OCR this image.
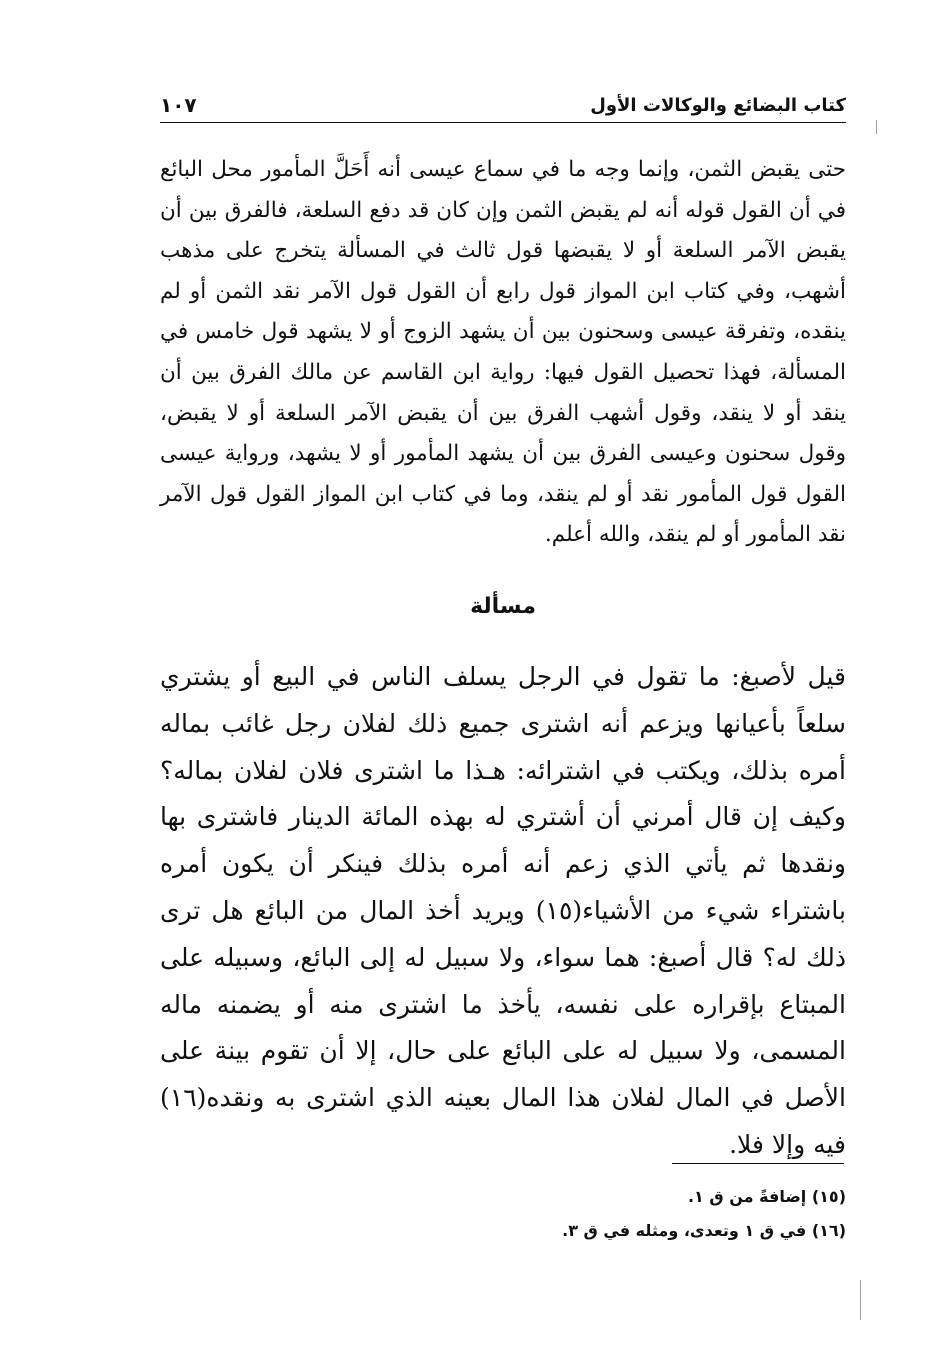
كتاب البضائع والوكالات الأول
١٠٧

حتى يقبض الثمن، وإنما وجه ما في سماع عيسى أنه أَحَلَّ المأمور محل البائع في أن القول قوله أنه لم يقبض الثمن وإن كان قد دفع السلعة، فالفرق بين أن يقبض الآمر السلعة أو لا يقبضها قول ثالث في المسألة يتخرج على مذهب أشهب، وفي كتاب ابن المواز قول رابع أن القول قول الآمر نقد الثمن أو لم ينقده، وتفرقة عيسى وسحنون بين أن يشهد الزوج أو لا يشهد قول خامس في المسألة، فهذا تحصيل القول فيها: رواية ابن القاسم عن مالك الفرق بين أن ينقد أو لا ينقد، وقول أشهب الفرق بين أن يقبض الآمر السلعة أو لا يقبض، وقول سحنون وعيسى الفرق بين أن يشهد المأمور أو لا يشهد، ورواية عيسى القول قول المأمور نقد أو لم ينقد، وما في كتاب ابن المواز القول قول الآمر نقد المأمور أو لم ينقد، والله أعلم.

مسألة

قيل لأصبغ: ما تقول في الرجل يسلف الناس في البيع أو يشتري سلعاً بأعيانها ويزعم أنه اشترى جميع ذلك لفلان رجل غائب بماله أمره بذلك، ويكتب في اشترائه: هـذا ما اشترى فلان لفلان بماله؟ وكيف إن قال أمرني أن أشتري له بهذه المائة الدينار فاشترى بها ونقدها ثم يأتي الذي زعم أنه أمره بذلك فينكر أن يكون أمره باشتراء شيء من الأشياء(١٥) ويريد أخذ المال من البائع هل ترى ذلك له؟ قال أصبغ: هما سواء، ولا سبيل له إلى البائع، وسبيله على المبتاع بإقراره على نفسه، يأخذ ما اشترى منه أو يضمنه ماله المسمى، ولا سبيل له على البائع على حال، إلا أن تقوم بينة على الأصل في المال لفلان هذا المال بعينه الذي اشترى به ونقده(١٦) فيه وإلا فلا.

(١٥) إضافةً من ق ١.
(١٦) في ق ١ وتعدى، ومثله في ق ٣.
